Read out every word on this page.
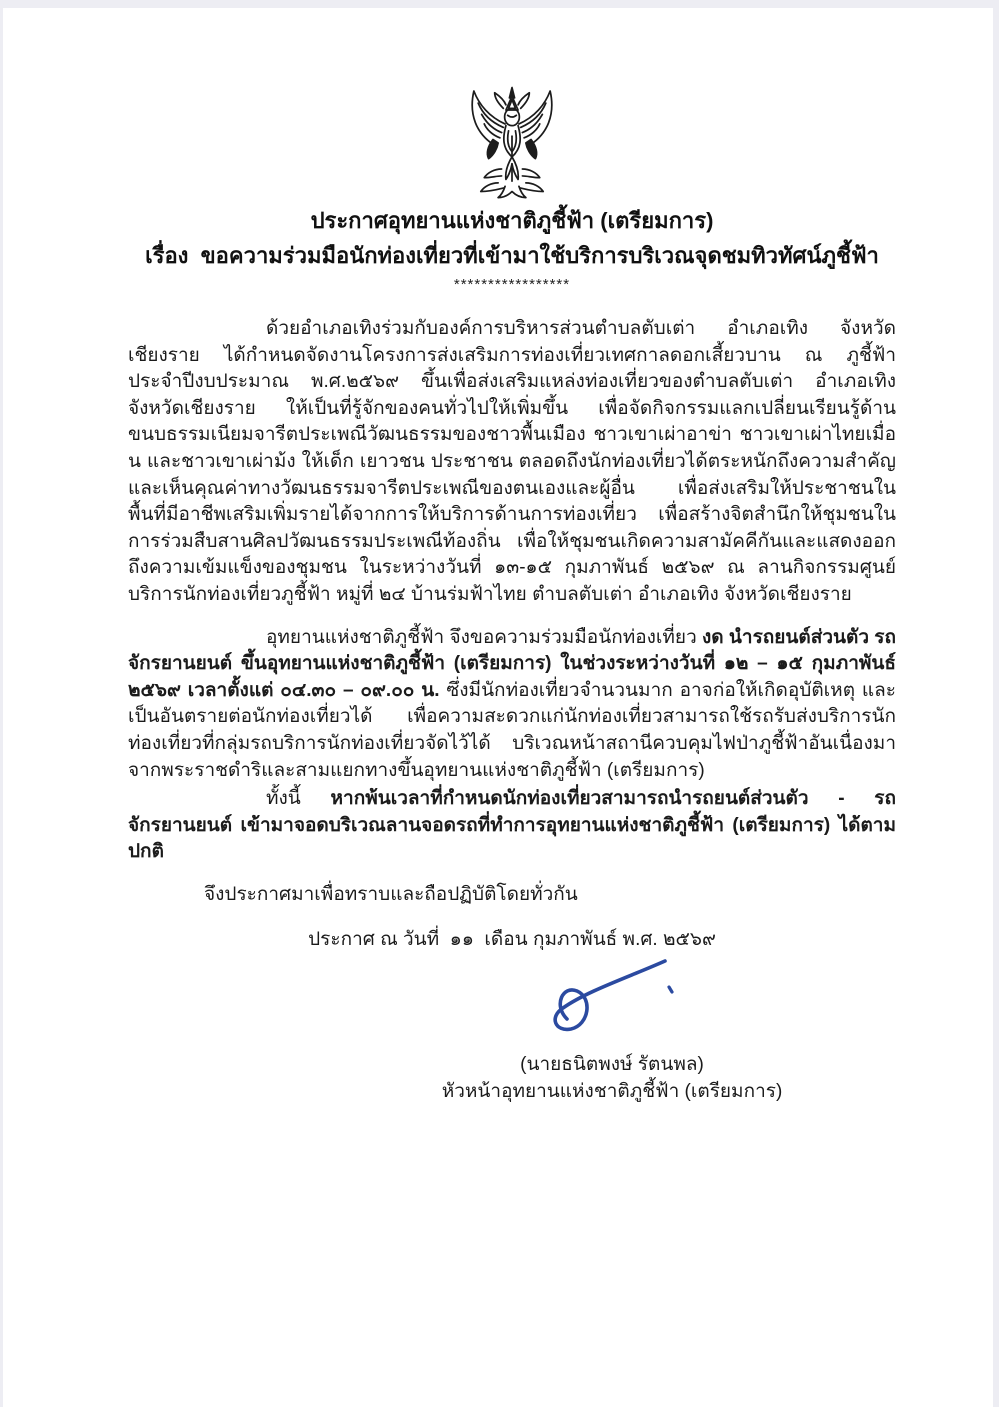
ประกาศอุทยานแห่งชาติภูชี้ฟ้า (เตรียมการ)
เรื่อง  ขอความร่วมมือนักท่องเที่ยวที่เข้ามาใช้บริการบริเวณจุดชมทิวทัศน์ภูชี้ฟ้า
*****************

ด้วยอำเภอเทิงร่วมกับองค์การบริหารส่วนตำบลตับเต่า อำเภอเทิง จังหวัดเชียงราย ได้กำหนดจัดงานโครงการส่งเสริมการท่องเที่ยวเทศกาลดอกเสี้ยวบาน ณ ภูชี้ฟ้า ประจำปีงบประมาณ พ.ศ.๒๕๖๙ ขึ้นเพื่อส่งเสริมแหล่งท่องเที่ยวของตำบลตับเต่า อำเภอเทิง จังหวัดเชียงราย ให้เป็นที่รู้จักของคนทั่วไปให้เพิ่มขึ้น เพื่อจัดกิจกรรมแลกเปลี่ยนเรียนรู้ด้านขนบธรรมเนียมจารีตประเพณีวัฒนธรรมของชาวพื้นเมือง ชาวเขาเผ่าอาข่า ชาวเขาเผ่าไทยเมื่อน และชาวเขาเผ่าม้ง ให้เด็ก เยาวชน ประชาชน ตลอดถึงนักท่องเที่ยวได้ตระหนักถึงความสำคัญและเห็นคุณค่าทางวัฒนธรรมจารีตประเพณีของตนเองและผู้อื่น เพื่อส่งเสริมให้ประชาชนในพื้นที่มีอาชีพเสริมเพิ่มรายได้จากการให้บริการด้านการท่องเที่ยว เพื่อสร้างจิตสำนึกให้ชุมชนในการร่วมสืบสานศิลปวัฒนธรรมประเพณีท้องถิ่น เพื่อให้ชุมชนเกิดความสามัคคีกันและแสดงออกถึงความเข้มแข็งของชุมชน ในระหว่างวันที่ ๑๓-๑๕ กุมภาพันธ์ ๒๕๖๙ ณ ลานกิจกรรมศูนย์บริการนักท่องเที่ยวภูชี้ฟ้า หมู่ที่ ๒๔ บ้านร่มฟ้าไทย ตำบลตับเต่า อำเภอเทิง จังหวัดเชียงราย

อุทยานแห่งชาติภูชี้ฟ้า จึงขอความร่วมมือนักท่องเที่ยว งด นำรถยนต์ส่วนตัว รถจักรยานยนต์ ขึ้นอุทยานแห่งชาติภูชี้ฟ้า (เตรียมการ) ในช่วงระหว่างวันที่ ๑๒ – ๑๕ กุมภาพันธ์ ๒๕๖๙ เวลาตั้งแต่ ๐๔.๓๐ – ๐๙.๐๐ น. ซึ่งมีนักท่องเที่ยวจำนวนมาก อาจก่อให้เกิดอุบัติเหตุ และเป็นอันตรายต่อนักท่องเที่ยวได้ เพื่อความสะดวกแก่นักท่องเที่ยวสามารถใช้รถรับส่งบริการนักท่องเที่ยวที่กลุ่มรถบริการนักท่องเที่ยวจัดไว้ได้ บริเวณหน้าสถานีควบคุมไฟป่าภูชี้ฟ้าอันเนื่องมาจากพระราชดำริและสามแยกทางขึ้นอุทยานแห่งชาติภูชี้ฟ้า (เตรียมการ)

ทั้งนี้ หากพ้นเวลาที่กำหนดนักท่องเที่ยวสามารถนำรถยนต์ส่วนตัว - รถจักรยานยนต์ เข้ามาจอดบริเวณลานจอดรถที่ทำการอุทยานแห่งชาติภูชี้ฟ้า (เตรียมการ) ได้ตามปกติ

จึงประกาศมาเพื่อทราบและถือปฏิบัติโดยทั่วกัน
ประกาศ ณ วันที่  ๑๑  เดือน กุมภาพันธ์ พ.ศ. ๒๕๖๙
(นายธนิตพงษ์ รัตนพล)
หัวหน้าอุทยานแห่งชาติภูชี้ฟ้า (เตรียมการ)
